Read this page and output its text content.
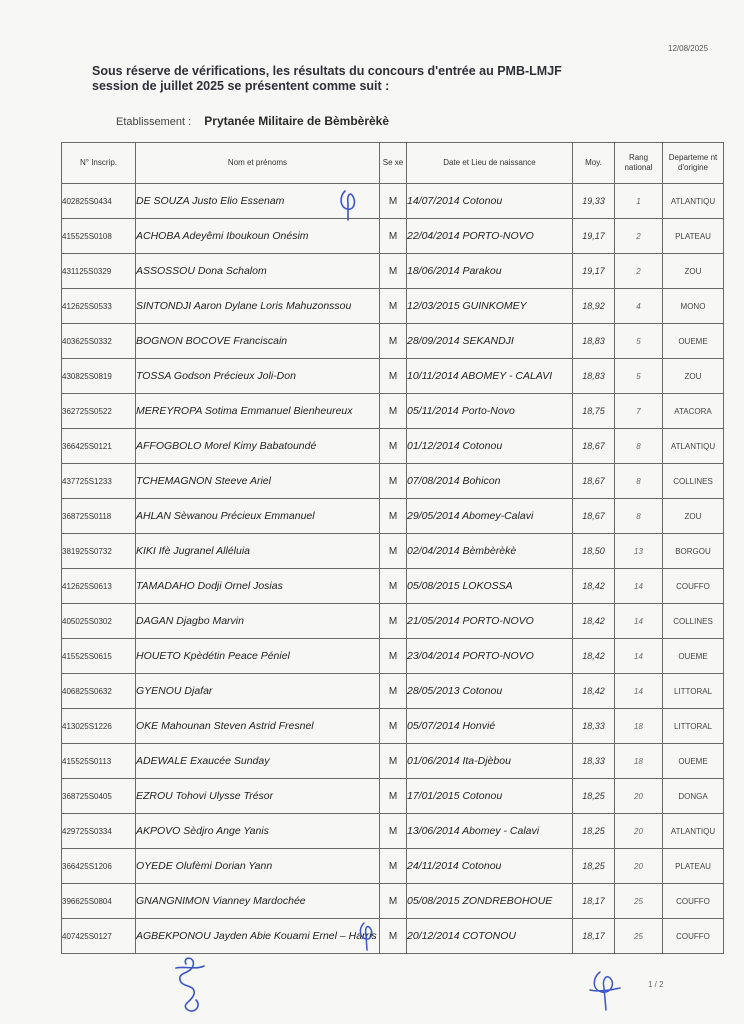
12/08/2025
Sous réserve de vérifications, les résultats du concours d'entrée au PMB-LMJF
session de juillet 2025 se présentent comme suit :
Etablissement : Prytanée Militaire de Bèmbèrèkè
N° Inscrip.	Nom et prénoms	Se xe	Date et Lieu de naissance	Moy.	Rang national	Departeme nt d'origine
402825S0434	DE SOUZA Justo Elio Essenam	M	14/07/2014 Cotonou	19,33	1	ATLANTIQU
415525S0108	ACHOBA Adeyêmi Iboukoun Onésim	M	22/04/2014 PORTO-NOVO	19,17	2	PLATEAU
431125S0329	ASSOSSOU Dona Schalom	M	18/06/2014 Parakou	19,17	2	ZOU
412625S0533	SINTONDJI Aaron Dylane Loris Mahuzonssou	M	12/03/2015 GUINKOMEY	18,92	4	MONO
403625S0332	BOGNON BOCOVE Franciscain	M	28/09/2014 SEKANDJI	18,83	5	OUEME
430825S0819	TOSSA Godson Précieux Joli-Don	M	10/11/2014 ABOMEY - CALAVI	18,83	5	ZOU
362725S0522	MEREYROPA Sotima Emmanuel Bienheureux	M	05/11/2014 Porto-Novo	18,75	7	ATACORA
366425S0121	AFFOGBOLO Morel Kimy Babatoundé	M	01/12/2014 Cotonou	18,67	8	ATLANTIQU
437725S1233	TCHEMAGNON Steeve Ariel	M	07/08/2014 Bohicon	18,67	8	COLLINES
368725S0118	AHLAN Sèwanou Précieux Emmanuel	M	29/05/2014 Abomey-Calavi	18,67	8	ZOU
381925S0732	KIKI Ifè Jugranel Alléluia	M	02/04/2014 Bèmbèrèkè	18,50	13	BORGOU
412625S0613	TAMADAHO Dodji Ornel Josias	M	05/08/2015 LOKOSSA	18,42	14	COUFFO
405025S0302	DAGAN Djagbo Marvin	M	21/05/2014 PORTO-NOVO	18,42	14	COLLINES
415525S0615	HOUETO Kpèdétin Peace Péniel	M	23/04/2014 PORTO-NOVO	18,42	14	OUEME
406825S0632	GYENOU Djafar	M	28/05/2013 Cotonou	18,42	14	LITTORAL
413025S1226	OKE Mahounan Steven Astrid Fresnel	M	05/07/2014 Honvié	18,33	18	LITTORAL
415525S0113	ADEWALE Exaucée Sunday	M	01/06/2014 Ita-Djèbou	18,33	18	OUEME
368725S0405	EZROU Tohovi Ulysse Trésor	M	17/01/2015 Cotonou	18,25	20	DONGA
429725S0334	AKPOVO Sèdjro Ange Yanis	M	13/06/2014 Abomey - Calavi	18,25	20	ATLANTIQU
366425S1206	OYEDE Olufèmi Dorian Yann	M	24/11/2014 Cotonou	18,25	20	PLATEAU
396625S0804	GNANGNIMON Vianney Mardochée	M	05/08/2015 ZONDREBOHOUE	18,17	25	COUFFO
407425S0127	AGBEKPONOU Jayden Abie Kouami Ernel – Harris	M	20/12/2014 COTONOU	18,17	25	COUFFO
1 / 2
